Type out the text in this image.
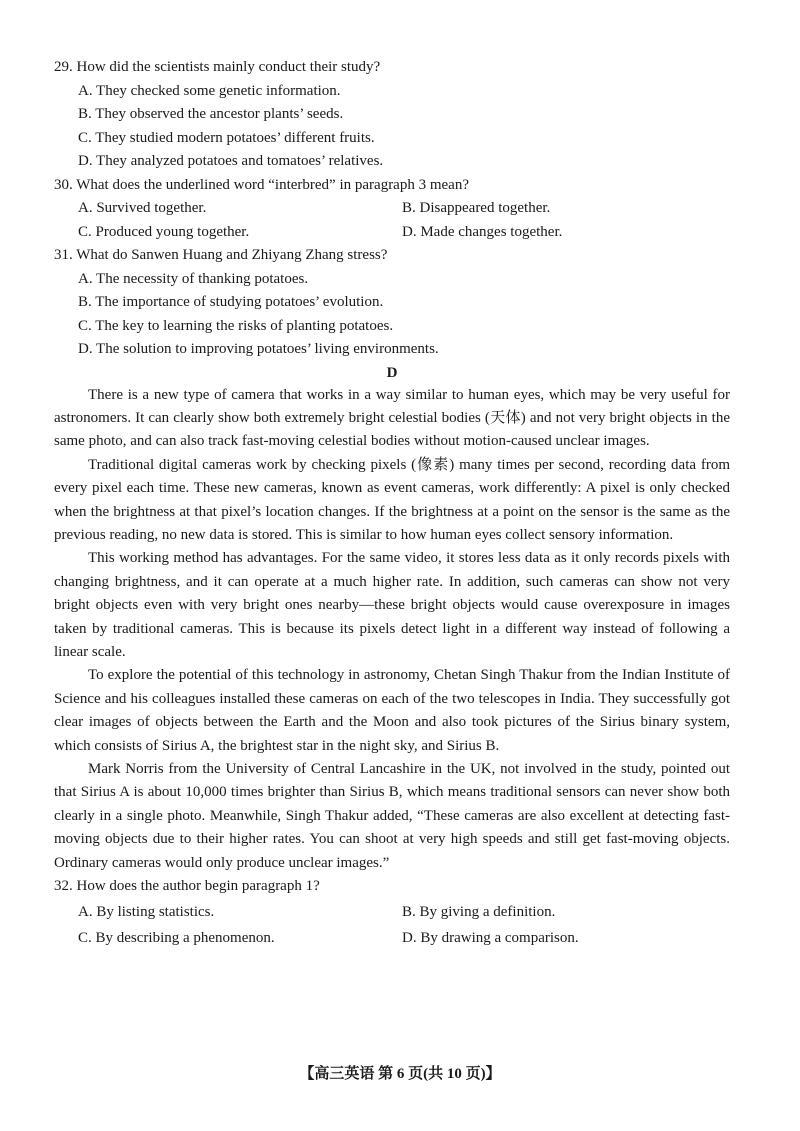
29. How did the scientists mainly conduct their study?

A. They checked some genetic information.

B. They observed the ancestor plants’ seeds.

C. They studied modern potatoes’ different fruits.

D. They analyzed potatoes and tomatoes’ relatives.

30. What does the underlined word “interbred” in paragraph 3 mean?

A. Survived together.	B. Disappeared together.
C. Produced young together.	D. Made changes together.

31. What do Sanwen Huang and Zhiyang Zhang stress?

A. The necessity of thanking potatoes.

B. The importance of studying potatoes’ evolution.

C. The key to learning the risks of planting potatoes.

D. The solution to improving potatoes’ living environments.

D

There is a new type of camera that works in a way similar to human eyes, which may be very useful for astronomers. It can clearly show both extremely bright celestial bodies (天体) and not very bright objects in the same photo, and can also track fast-moving celestial bodies without motion-caused unclear images.

Traditional digital cameras work by checking pixels (像素) many times per second, recording data from every pixel each time. These new cameras, known as event cameras, work differently: A pixel is only checked when the brightness at that pixel’s location changes. If the brightness at a point on the sensor is the same as the previous reading, no new data is stored. This is similar to how human eyes collect sensory information.

This working method has advantages. For the same video, it stores less data as it only records pixels with changing brightness, and it can operate at a much higher rate. In addition, such cameras can show not very bright objects even with very bright ones nearby—these bright objects would cause overexposure in images taken by traditional cameras. This is because its pixels detect light in a different way instead of following a linear scale.

To explore the potential of this technology in astronomy, Chetan Singh Thakur from the Indian Institute of Science and his colleagues installed these cameras on each of the two telescopes in India. They successfully got clear images of objects between the Earth and the Moon and also took pictures of the Sirius binary system, which consists of Sirius A, the brightest star in the night sky, and Sirius B.

Mark Norris from the University of Central Lancashire in the UK, not involved in the study, pointed out that Sirius A is about 10,000 times brighter than Sirius B, which means traditional sensors can never show both clearly in a single photo. Meanwhile, Singh Thakur added, “These cameras are also excellent at detecting fast-moving objects due to their higher rates. You can shoot at very high speeds and still get fast-moving objects. Ordinary cameras would only produce unclear images.”

32. How does the author begin paragraph 1?

A. By listing statistics.	B. By giving a definition.
C. By describing a phenomenon.	D. By drawing a comparison.
【高三英语 第 6 页(共 10 页)】
